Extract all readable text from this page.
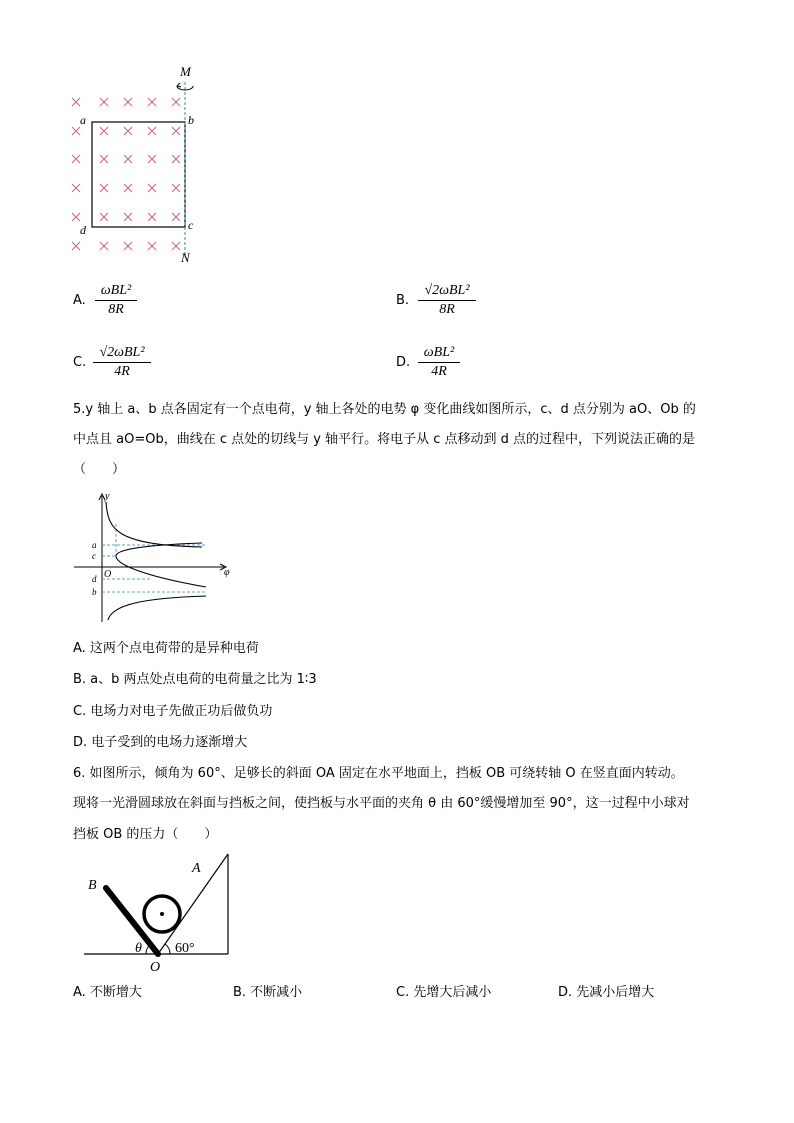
M
N
a	b
c
d
A.
ωBL²
8R
B.
√2ωBL²
8R
C.
√2ωBL²
4R
D.
ωBL²
4R
5.y 轴上 a、b 点各固定有一个点电荷，y 轴上各处的电势 φ 变化曲线如图所示，c、d 点分别为 aO、Ob 的
中点且 aO=Ob，曲线在 c 点处的切线与 y 轴平行。将电子从 c 点移动到 d 点的过程中，下列说法正确的是
（　　）
y
φ
O
a
c
d
b
A. 这两个点电荷带的是异种电荷
B. a、b 两点处点电荷的电荷量之比为 1∶3
C. 电场力对电子先做正功后做负功
D. 电子受到的电场力逐渐增大
6. 如图所示，倾角为 60°、足够长的斜面 OA 固定在水平地面上，挡板 OB 可绕转轴 O 在竖直面内转动。
现将一光滑圆球放在斜面与挡板之间，使挡板与水平面的夹角 θ 由 60°缓慢增加至 90°，这一过程中小球对
挡板 OB 的压力（　　）
B
A
O
θ 60°
A. 不断增大	B. 不断减小	C. 先增大后减小	D. 先减小后增大
